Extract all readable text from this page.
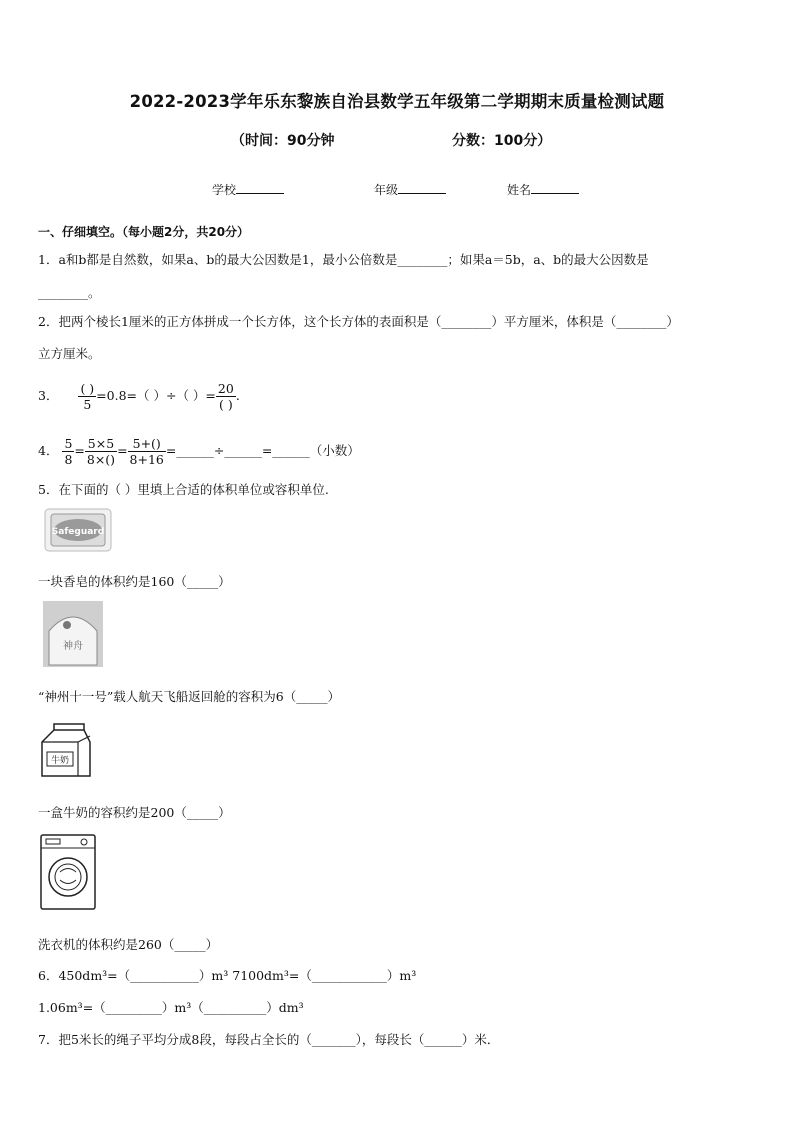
2022-2023学年乐东黎族自治县数学五年级第二学期期末质量检测试题
（时间：90分钟	分数：100分）
学校	年级	姓名
一、仔细填空。（每小题2分，共20分）
1．a和b都是自然数，如果a、b的最大公因数是1，最小公倍数是________；如果a＝5b，a、b的最大公因数是
________。
2．把两个棱长1厘米的正方体拼成一个长方体，这个长方体的表面积是（________）平方厘米，体积是（________）
立方厘米。
3． $\frac{( )}{5} =0.8=$（ ）÷（ ）= $\frac{20}{( )}$ .
4． $\frac{5}{8} = \frac{5\times 5}{8\times()} = \frac{5+()}{8+16}$ =______÷______=______（小数）
5．在下面的（ ）里填上合适的体积单位或容积单位.
Safeguard
一块香皂的体积约是160（_____）
神舟
“神州十一号”载人航天飞船返回舱的容积为6（_____）
牛奶
一盒牛奶的容积约是200（_____）
洗衣机的体积约是260（_____）
6．450dm³=（___________）m³ 7100dm³=（____________）m³
1.06m³=（_________）m³（__________）dm³
7．把5米长的绳子平均分成8段，每段占全长的（_______），每段长（______）米．
